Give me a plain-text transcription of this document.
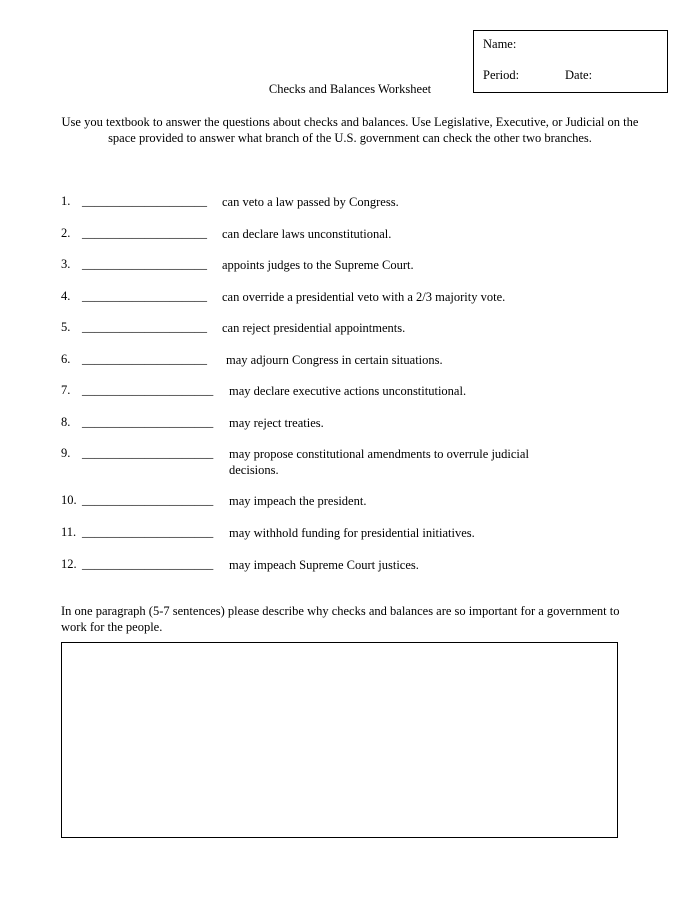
Name:
Period:	Date:
Checks and Balances Worksheet
Use you textbook to answer the questions about checks and balances. Use Legislative, Executive, or Judicial on the space provided to answer what branch of the U.S. government can check the other two branches.
1. ____________________ can veto a law passed by Congress.
2. ____________________ can declare laws unconstitutional.
3. ____________________ appoints judges to the Supreme Court.
4. ____________________ can override a presidential veto with a 2/3 majority vote.
5. ____________________ can reject presidential appointments.
6. ____________________ may adjourn Congress in certain situations.
7. _____________________ may declare executive actions unconstitutional.
8. _____________________ may reject treaties.
9. _____________________ may propose constitutional amendments to overrule judicial
decisions.
10. _____________________ may impeach the president.
11. _____________________ may withhold funding for presidential initiatives.
12. _____________________ may impeach Supreme Court justices.
In one paragraph (5-7 sentences) please describe why checks and balances are so important for a government to work for the people.
